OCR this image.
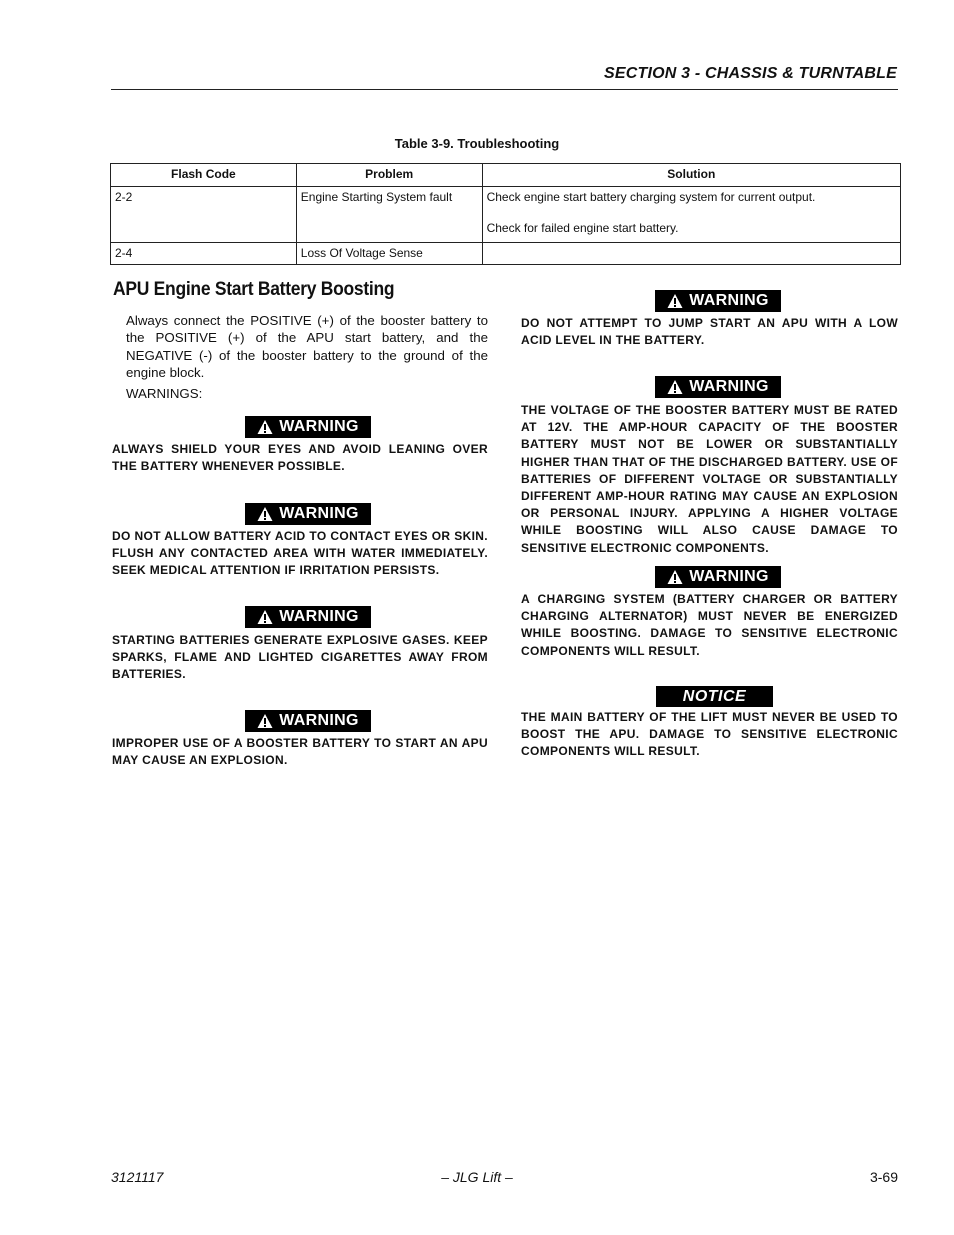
SECTION 3 - CHASSIS & TURNTABLE
Table 3-9. Troubleshooting
Flash Code	Problem	Solution
2-2	Engine Starting System fault	Check engine start battery charging system for current output.
Check for failed engine start battery.

2-4	Loss Of Voltage Sense	
APU Engine Start Battery Boosting

Always connect the POSITIVE (+) of the booster battery to the POSITIVE (+) of the APU start battery, and the NEGATIVE (-) of the booster battery to the ground of the engine block.

WARNINGS:

WARNING
ALWAYS SHIELD YOUR EYES AND AVOID LEANING OVER THE BATTERY WHENEVER POSSIBLE.
WARNING
DO NOT ALLOW BATTERY ACID TO CONTACT EYES OR SKIN. FLUSH ANY CONTACTED AREA WITH WATER IMMEDIATELY. SEEK MEDICAL ATTENTION IF IRRITATION PERSISTS.
WARNING
STARTING BATTERIES GENERATE EXPLOSIVE GASES. KEEP SPARKS, FLAME AND LIGHTED CIGARETTES AWAY FROM BATTERIES.
WARNING
IMPROPER USE OF A BOOSTER BATTERY TO START AN APU MAY CAUSE AN EXPLOSION.
WARNING
DO NOT ATTEMPT TO JUMP START AN APU WITH A LOW ACID LEVEL IN THE BATTERY.
WARNING
THE VOLTAGE OF THE BOOSTER BATTERY MUST BE RATED AT 12V. THE AMP-HOUR CAPACITY OF THE BOOSTER BATTERY MUST NOT BE LOWER OR SUBSTANTIALLY HIGHER THAN THAT OF THE DISCHARGED BATTERY. USE OF BATTERIES OF DIFFERENT VOLTAGE OR SUBSTANTIALLY DIFFERENT AMP-HOUR RATING MAY CAUSE AN EXPLOSION OR PERSONAL INJURY. APPLYING A HIGHER VOLTAGE WHILE BOOSTING WILL ALSO CAUSE DAMAGE TO SENSITIVE ELECTRONIC COMPONENTS.
WARNING
A CHARGING SYSTEM (BATTERY CHARGER OR BATTERY CHARGING ALTERNATOR) MUST NEVER BE ENERGIZED WHILE BOOSTING. DAMAGE TO SENSITIVE ELECTRONIC COMPONENTS WILL RESULT.
NOTICE
THE MAIN BATTERY OF THE LIFT MUST NEVER BE USED TO BOOST THE APU. DAMAGE TO SENSITIVE ELECTRONIC COMPONENTS WILL RESULT.
3121117	– JLG Lift –	3-69
